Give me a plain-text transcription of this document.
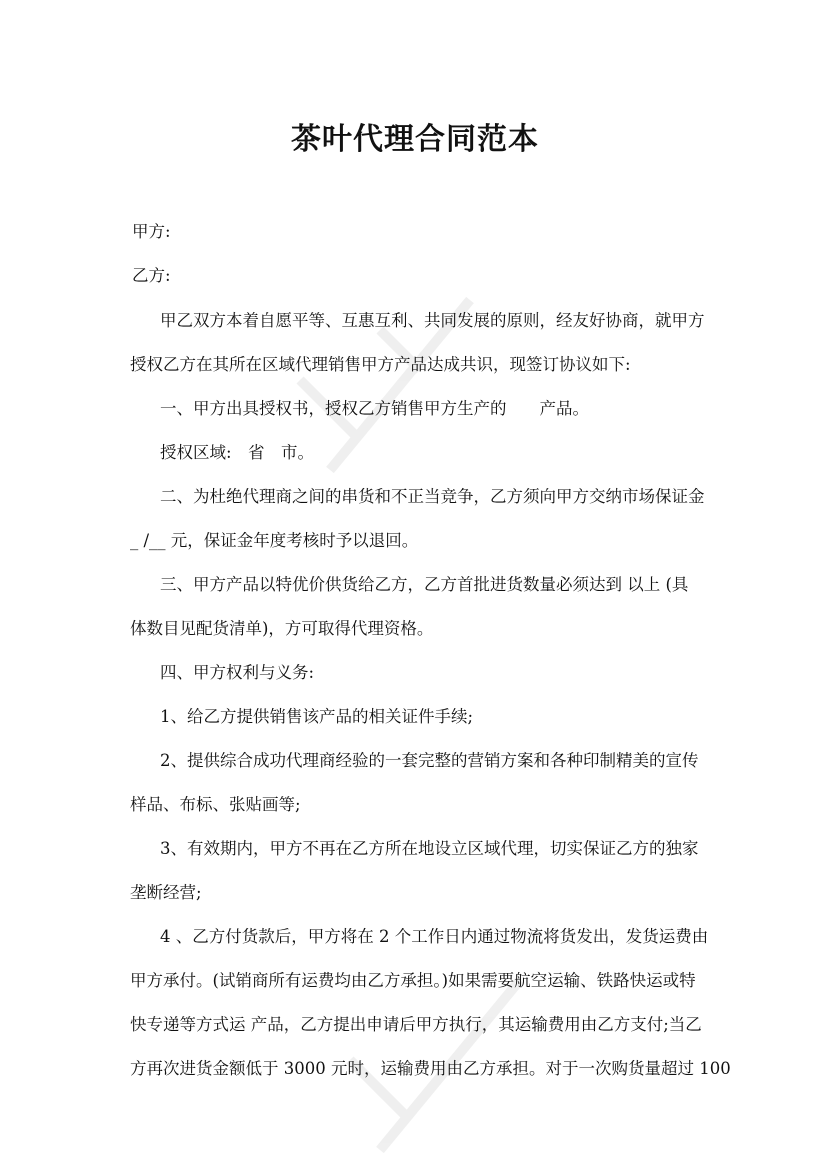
茶叶代理合同范本
甲方:
乙方:
甲乙双方本着自愿平等、互惠互利、共同发展的原则，经友好协商，就甲方
授权乙方在其所在区域代理销售甲方产品达成共识，现签订协议如下:
一、甲方出具授权书，授权乙方销售甲方生产的　　产品。
授权区域:　省　市。
二、为杜绝代理商之间的串货和不正当竞争，乙方须向甲方交纳市场保证金
_ /__ 元，保证金年度考核时予以退回。
三、甲方产品以特优价供货给乙方，乙方首批进货数量必须达到 以上 (具
体数目见配货清单)，方可取得代理资格。
四、甲方权利与义务:
1、给乙方提供销售该产品的相关证件手续;
2、提供综合成功代理商经验的一套完整的营销方案和各种印制精美的宣传
样品、布标、张贴画等;
3、有效期内，甲方不再在乙方所在地设立区域代理，切实保证乙方的独家
垄断经营;
4 、乙方付货款后，甲方将在 2 个工作日内通过物流将货发出，发货运费由
甲方承付。(试销商所有运费均由乙方承担。)如果需要航空运输、铁路快运或特
快专递等方式运 产品，乙方提出申请后甲方执行，其运输费用由乙方支付;当乙
方再次进货金额低于 3000 元时，运输费用由乙方承担。对于一次购货量超过 100
